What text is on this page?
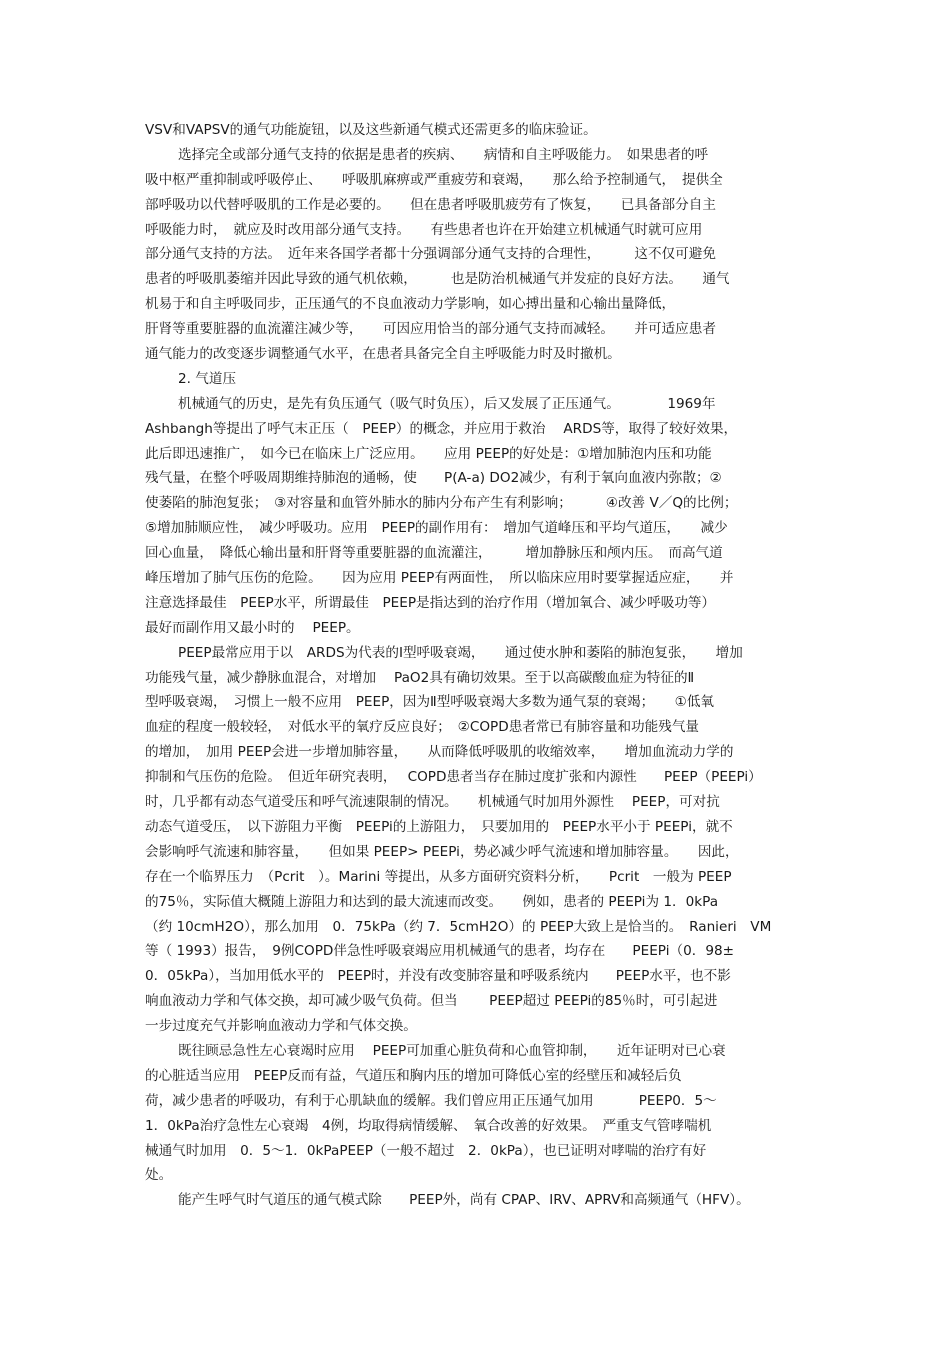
VSV和VAPSV的通气功能旋钮，以及这些新通气模式还需更多的临床验证。
选择完全或部分通气支持的依据是患者的疾病、　　病情和自主呼吸能力。　如果患者的呼
吸中枢严重抑制或呼吸停止、　　呼吸肌麻痹或严重疲劳和衰竭，　　那么给予控制通气，　提供全
部呼吸功以代替呼吸肌的工作是必要的。　　但在患者呼吸肌疲劳有了恢复，　　已具备部分自主
呼吸能力时，　就应及时改用部分通气支持。　　有些患者也许在开始建立机械通气时就可应用
部分通气支持的方法。　近年来各国学者都十分强调部分通气支持的合理性，　　　这不仅可避免
患者的呼吸肌萎缩并因此导致的通气机依赖，　　　也是防治机械通气并发症的良好方法。　　通气
机易于和自主呼吸同步，正压通气的不良血液动力学影响，如心搏出量和心输出量降低，
肝肾等重要脏器的血流灌注减少等，　　可因应用恰当的部分通气支持而减轻。　　并可适应患者
通气能力的改变逐步调整通气水平，在患者具备完全自主呼吸能力时及时撤机。
2. 气道压
机械通气的历史，是先有负压通气（吸气时负压），后又发展了正压通气。　　　　1969年
Ashbangh等提出了呼气末正压（　PEEP）的概念，并应用于救治　 ARDS等，取得了较好效果，
此后即迅速推广，　如今已在临床上广泛应用。　　应用 PEEP的好处是：①增加肺泡内压和功能
残气量，在整个呼吸周期维持肺泡的通畅，使　　P(A-a) DO2减少，有利于氧向血液内弥散；②
使萎陷的肺泡复张；　③对容量和血管外肺水的肺内分布产生有利影响；　　　④改善 V／Q的比例；
⑤增加肺顺应性，　减少呼吸功。应用　PEEP的副作用有：　增加气道峰压和平均气道压，　　减少
回心血量，　降低心输出量和肝肾等重要脏器的血流灌注，　　　增加静脉压和颅内压。　而高气道
峰压增加了肺气压伤的危险。　　因为应用 PEEP有两面性，　所以临床应用时要掌握适应症，　　并
注意选择最佳　PEEP水平，所谓最佳　PEEP是指达到的治疗作用（增加氧合、减少呼吸功等）
最好而副作用又最小时的　 PEEP。
PEEP最常应用于以　ARDS为代表的Ⅰ型呼吸衰竭，　　通过使水肿和萎陷的肺泡复张，　　增加
功能残气量，减少静脉血混合，对增加　 PaO2具有确切效果。至于以高碳酸血症为特征的Ⅱ
型呼吸衰竭，　习惯上一般不应用　PEEP，因为Ⅱ型呼吸衰竭大多数为通气泵的衰竭；　　①低氧
血症的程度一般较轻，　对低水平的氧疗反应良好；　②COPD患者常已有肺容量和功能残气量
的增加，　加用 PEEP会进一步增加肺容量，　　从而降低呼吸肌的收缩效率，　　增加血流动力学的
抑制和气压伤的危险。　但近年研究表明，　 COPD患者当存在肺过度扩张和内源性　　PEEP（PEEPi）
时，几乎都有动态气道受压和呼气流速限制的情况。　　机械通气时加用外源性　 PEEP，可对抗
动态气道受压，　以下游阻力平衡　PEEPi的上游阻力，　只要加用的　PEEP水平小于 PEEPi，就不
会影响呼气流速和肺容量，　　但如果 PEEP> PEEPi，势必减少呼气流速和增加肺容量。　　因此，
存在一个临界压力　（Pcrit　）。Marini 等提出，从多方面研究资料分析，　　Pcrit　一般为 PEEP
的75％，实际值大概随上游阻力和达到的最大流速而改变。　　例如，患者的 PEEPi为 1．0kPa
（约 10cmH2O），那么加用　0．75kPa（约 7．5cmH2O）的 PEEP大致上是恰当的。　Ranieri　VM
等（ 1993）报告，　9例COPD伴急性呼吸衰竭应用机械通气的患者，均存在　　PEEPi（0．98±
0．05kPa），当加用低水平的　PEEP时，并没有改变肺容量和呼吸系统内　　PEEP水平，也不影
响血液动力学和气体交换，却可减少吸气负荷。但当　　 PEEP超过 PEEPi的85％时，可引起进
一步过度充气并影响血液动力学和气体交换。
既往顾忌急性左心衰竭时应用　 PEEP可加重心脏负荷和心血管抑制，　　近年证明对已心衰
的心脏适当应用　PEEP反而有益，气道压和胸内压的增加可降低心室的经壁压和减轻后负
荷，减少患者的呼吸功，有利于心肌缺血的缓解。我们曾应用正压通气加用　　　 PEEP0．5～
1．0kPa治疗急性左心衰竭　4例，均取得病情缓解、　氧合改善的好效果。　严重支气管哮喘机
械通气时加用　0．5～1．0kPaPEEP（一般不超过　2．0kPa），也已证明对哮喘的治疗有好
处。
能产生呼气时气道压的通气模式除　　PEEP外，尚有 CPAP、IRV、APRV和高频通气（HFV）。
